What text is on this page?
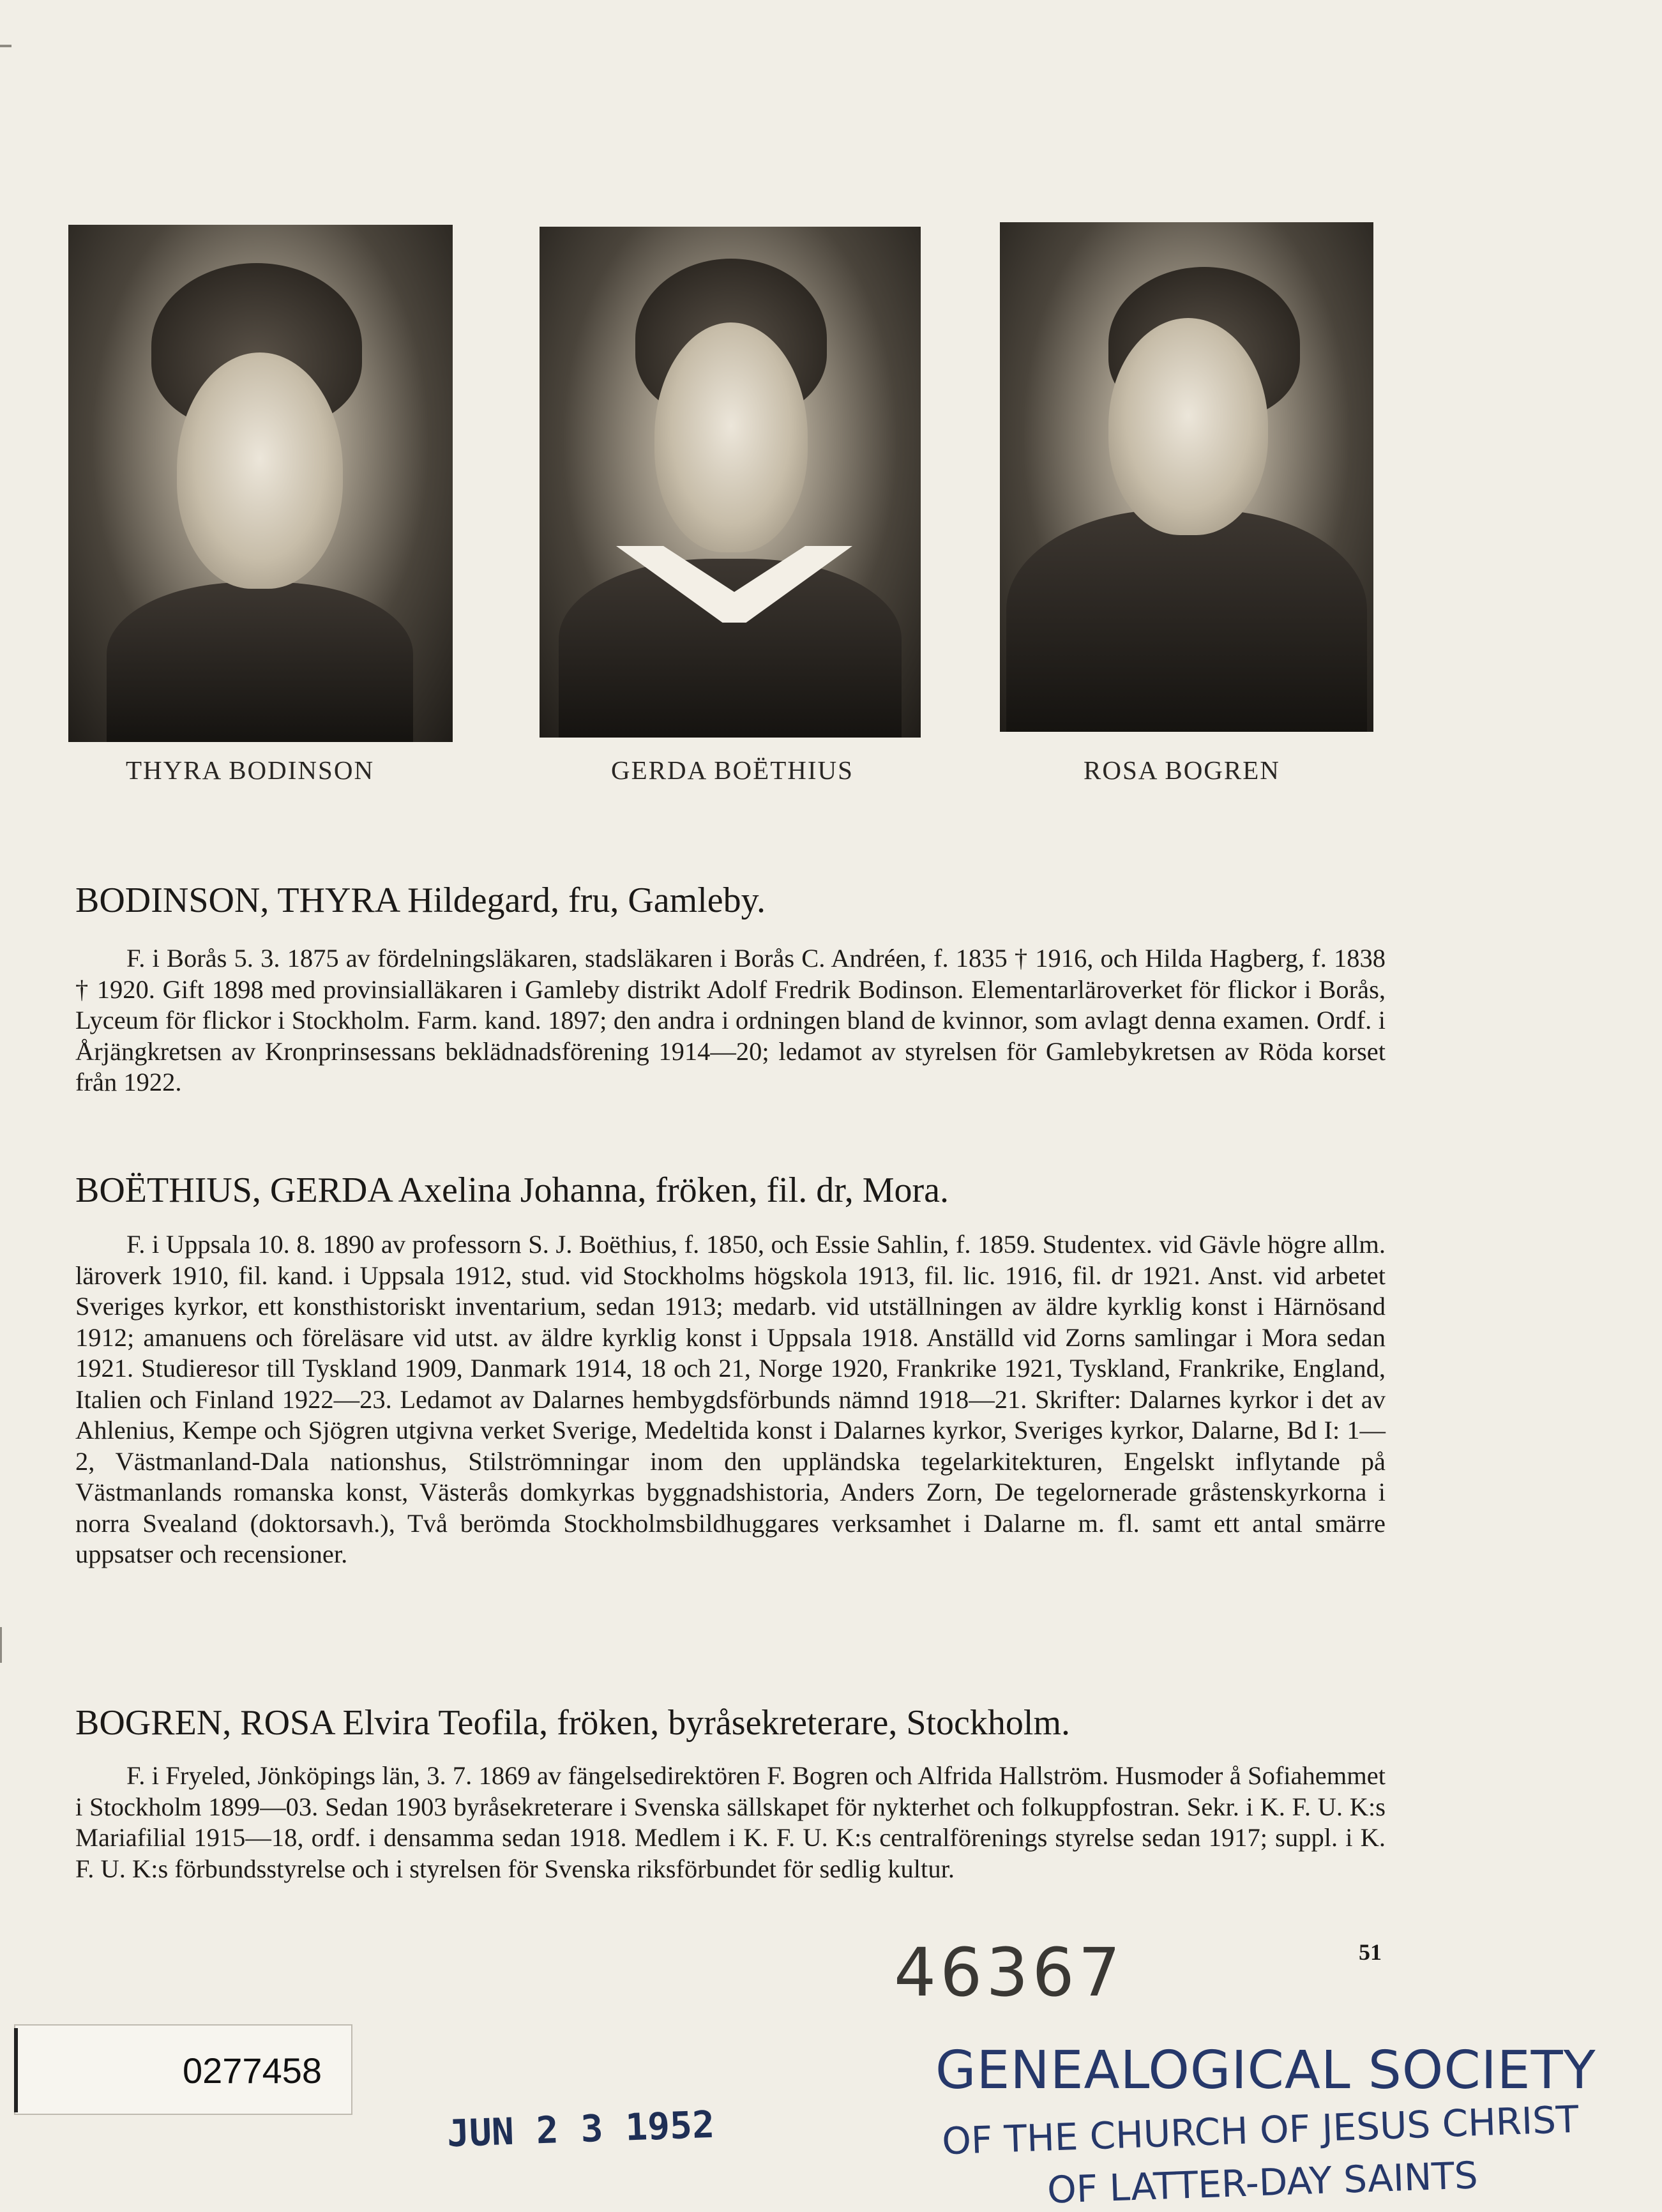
THYRA BODINSON	GERDA BOËTHIUS	ROSA BOGREN
BODINSON, THYRA Hildegard, fru, Gamleby.
F. i Borås 5. 3. 1875 av fördelningsläkaren, stadsläkaren i Borås C. Andréen, f. 1835 † 1916, och Hilda Hagberg, f. 1838 † 1920. Gift 1898 med provinsialläkaren i Gamleby distrikt Adolf Fredrik Bodinson. Elementarläroverket för flickor i Borås, Lyceum för flickor i Stockholm. Farm. kand. 1897; den andra i ordningen bland de kvinnor, som avlagt denna examen. Ordf. i Årjängkretsen av Kronprinsessans beklädnadsförening 1914—20; ledamot av styrelsen för Gamlebykretsen av Röda korset från 1922.
BOËTHIUS, GERDA Axelina Johanna, fröken, fil. dr, Mora.
F. i Uppsala 10. 8. 1890 av professorn S. J. Boëthius, f. 1850, och Essie Sahlin, f. 1859. Studentex. vid Gävle högre allm. läroverk 1910, fil. kand. i Uppsala 1912, stud. vid Stockholms högskola 1913, fil. lic. 1916, fil. dr 1921. Anst. vid arbetet Sveriges kyrkor, ett konsthistoriskt inventarium, sedan 1913; medarb. vid utställningen av äldre kyrklig konst i Härnösand 1912; amanuens och föreläsare vid utst. av äldre kyrklig konst i Uppsala 1918. Anställd vid Zorns samlingar i Mora sedan 1921. Studieresor till Tyskland 1909, Danmark 1914, 18 och 21, Norge 1920, Frankrike 1921, Tyskland, Frankrike, England, Italien och Finland 1922—23. Ledamot av Dalarnes hembygdsförbunds nämnd 1918—21. Skrifter: Dalarnes kyrkor i det av Ahlenius, Kempe och Sjögren utgivna verket Sverige, Medeltida konst i Dalarnes kyrkor, Sveriges kyrkor, Dalarne, Bd I: 1—2, Västmanland-Dala nationshus, Stilströmningar inom den uppländska tegelarkitekturen, Engelskt inflytande på Västmanlands romanska konst, Västerås domkyrkas byggnadshistoria, Anders Zorn, De tegelornerade gråstenskyrkorna i norra Svealand (doktorsavh.), Två berömda Stockholmsbildhuggares verksamhet i Dalarne m. fl. samt ett antal smärre uppsatser och recensioner.
BOGREN, ROSA Elvira Teofila, fröken, byråsekreterare, Stockholm.
F. i Fryeled, Jönköpings län, 3. 7. 1869 av fängelsedirektören F. Bogren och Alfrida Hallström. Husmoder å Sofiahemmet i Stockholm 1899—03. Sedan 1903 byråsekreterare i Svenska sällskapet för nykterhet och folkuppfostran. Sekr. i K. F. U. K:s Mariafilial 1915—18, ordf. i densamma sedan 1918. Medlem i K. F. U. K:s centralförenings styrelse sedan 1917; suppl. i K. F. U. K:s förbundsstyrelse och i styrelsen för Svenska riksförbundet för sedlig kultur.
51
46367
0277458
JUN 2 3 1952
GENEALOGICAL SOCIETY
OF THE CHURCH OF JESUS CHRIST
OF LATTER-DAY SAINTS
